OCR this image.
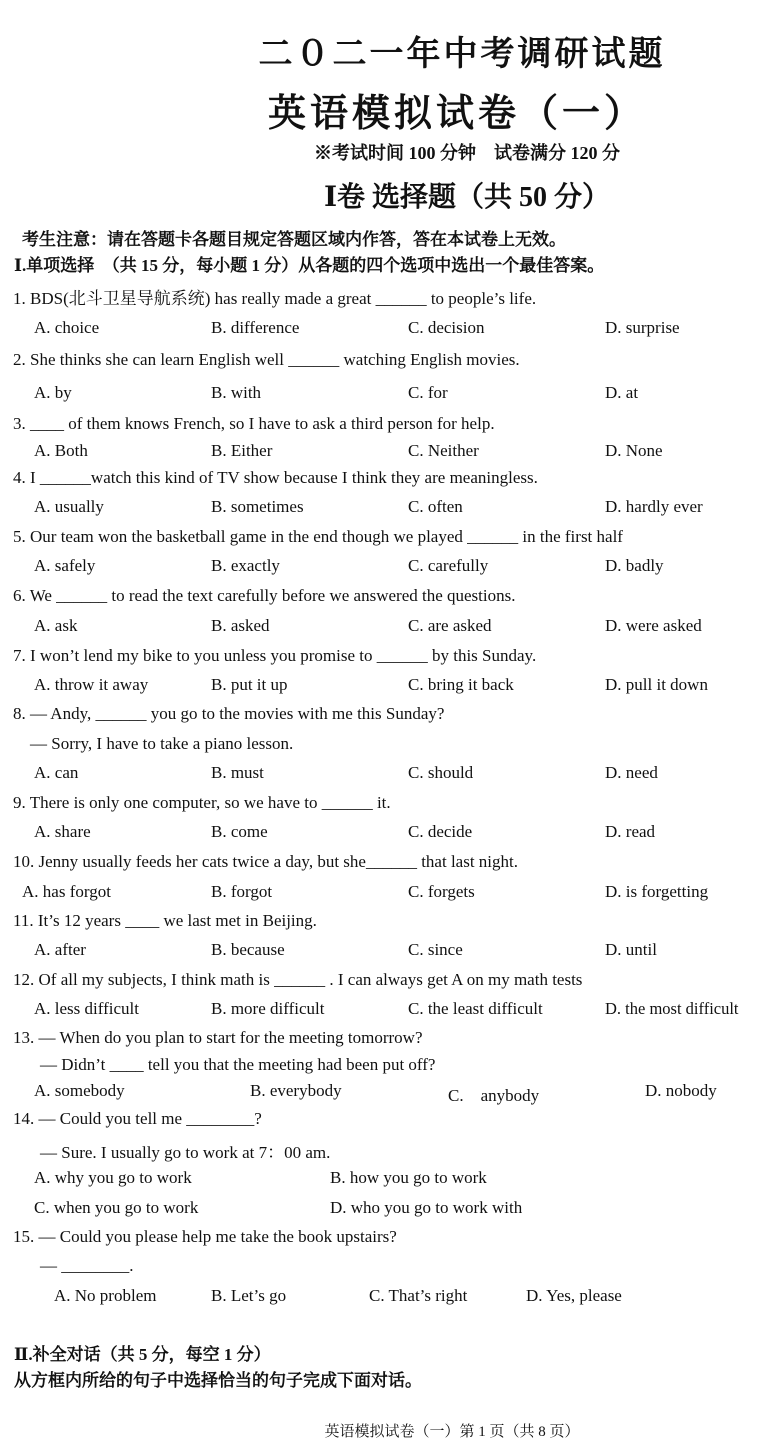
二０二一年中考调研试题
英语模拟试卷（一）
※考试时间 100 分钟　试卷满分 120 分
Ⅰ卷 选择题（共 50 分）
考生注意：请在答题卡各题目规定答题区域内作答，答在本试卷上无效。
Ⅰ.单项选择　（共 15 分，每小题 1 分）从各题的四个选项中选出一个最佳答案。
1. BDS(北斗卫星导航系统) has really made a great ______ to people’s life.
A. choice	B. difference	C. decision	D. surprise
2. She thinks she can learn English well ______ watching English movies.
A. by	B. with	C. for	D. at
3. ____ of them knows French, so I have to ask a third person for help.
A. Both	B. Either	C. Neither	D. None
4. I ______watch this kind of TV show because I think they are meaningless.
A. usually	B. sometimes	C. often	D. hardly ever
5. Our team won the basketball game in the end though we played ______ in the first half
A. safely	B. exactly	C. carefully	D. badly
6. We ______ to read the text carefully before we answered the questions.
A. ask	B. asked	C. are asked	D. were asked
7. I won’t lend my bike to you unless you promise to ______ by this Sunday.
A. throw it away	B. put it up	C. bring it back	D. pull it down
8. — Andy, ______ you go to the movies with me this Sunday?
— Sorry, I have to take a piano lesson.
A. can	B. must	C. should	D. need
9. There is only one computer, so we have to ______ it.
A. share	B. come	C. decide	D. read
10. Jenny usually feeds her cats twice a day, but she______ that last night.
A. has forgot	B. forgot	C. forgets	D. is forgetting
11. It’s 12 years ____ we last met in Beijing.
A. after	B. because	C. since	D. until
12. Of all my subjects, I think math is ______ . I can always get A on my math tests
A. less difficult	B. more difficult	C. the least difficult	D. the most difficult
13. — When do you plan to start for the meeting tomorrow?
— Didn’t ____ tell you that the meeting had been put off?
A. somebody	B. everybody	C.　anybody	D. nobody
14. — Could you tell me ________?
— Sure. I usually go to work at 7：00 am.
A. why you go to work	B. how you go to work
C. when you go to work	D. who you go to work with
15. — Could you please help me take the book upstairs?
— ________.
A. No problem	B. Let’s go	C. That’s right	D. Yes, please
Ⅱ.补全对话（共 5 分，每空 1 分）
从方框内所给的句子中选择恰当的句子完成下面对话。
英语模拟试卷（一）第 1 页（共 8 页）
